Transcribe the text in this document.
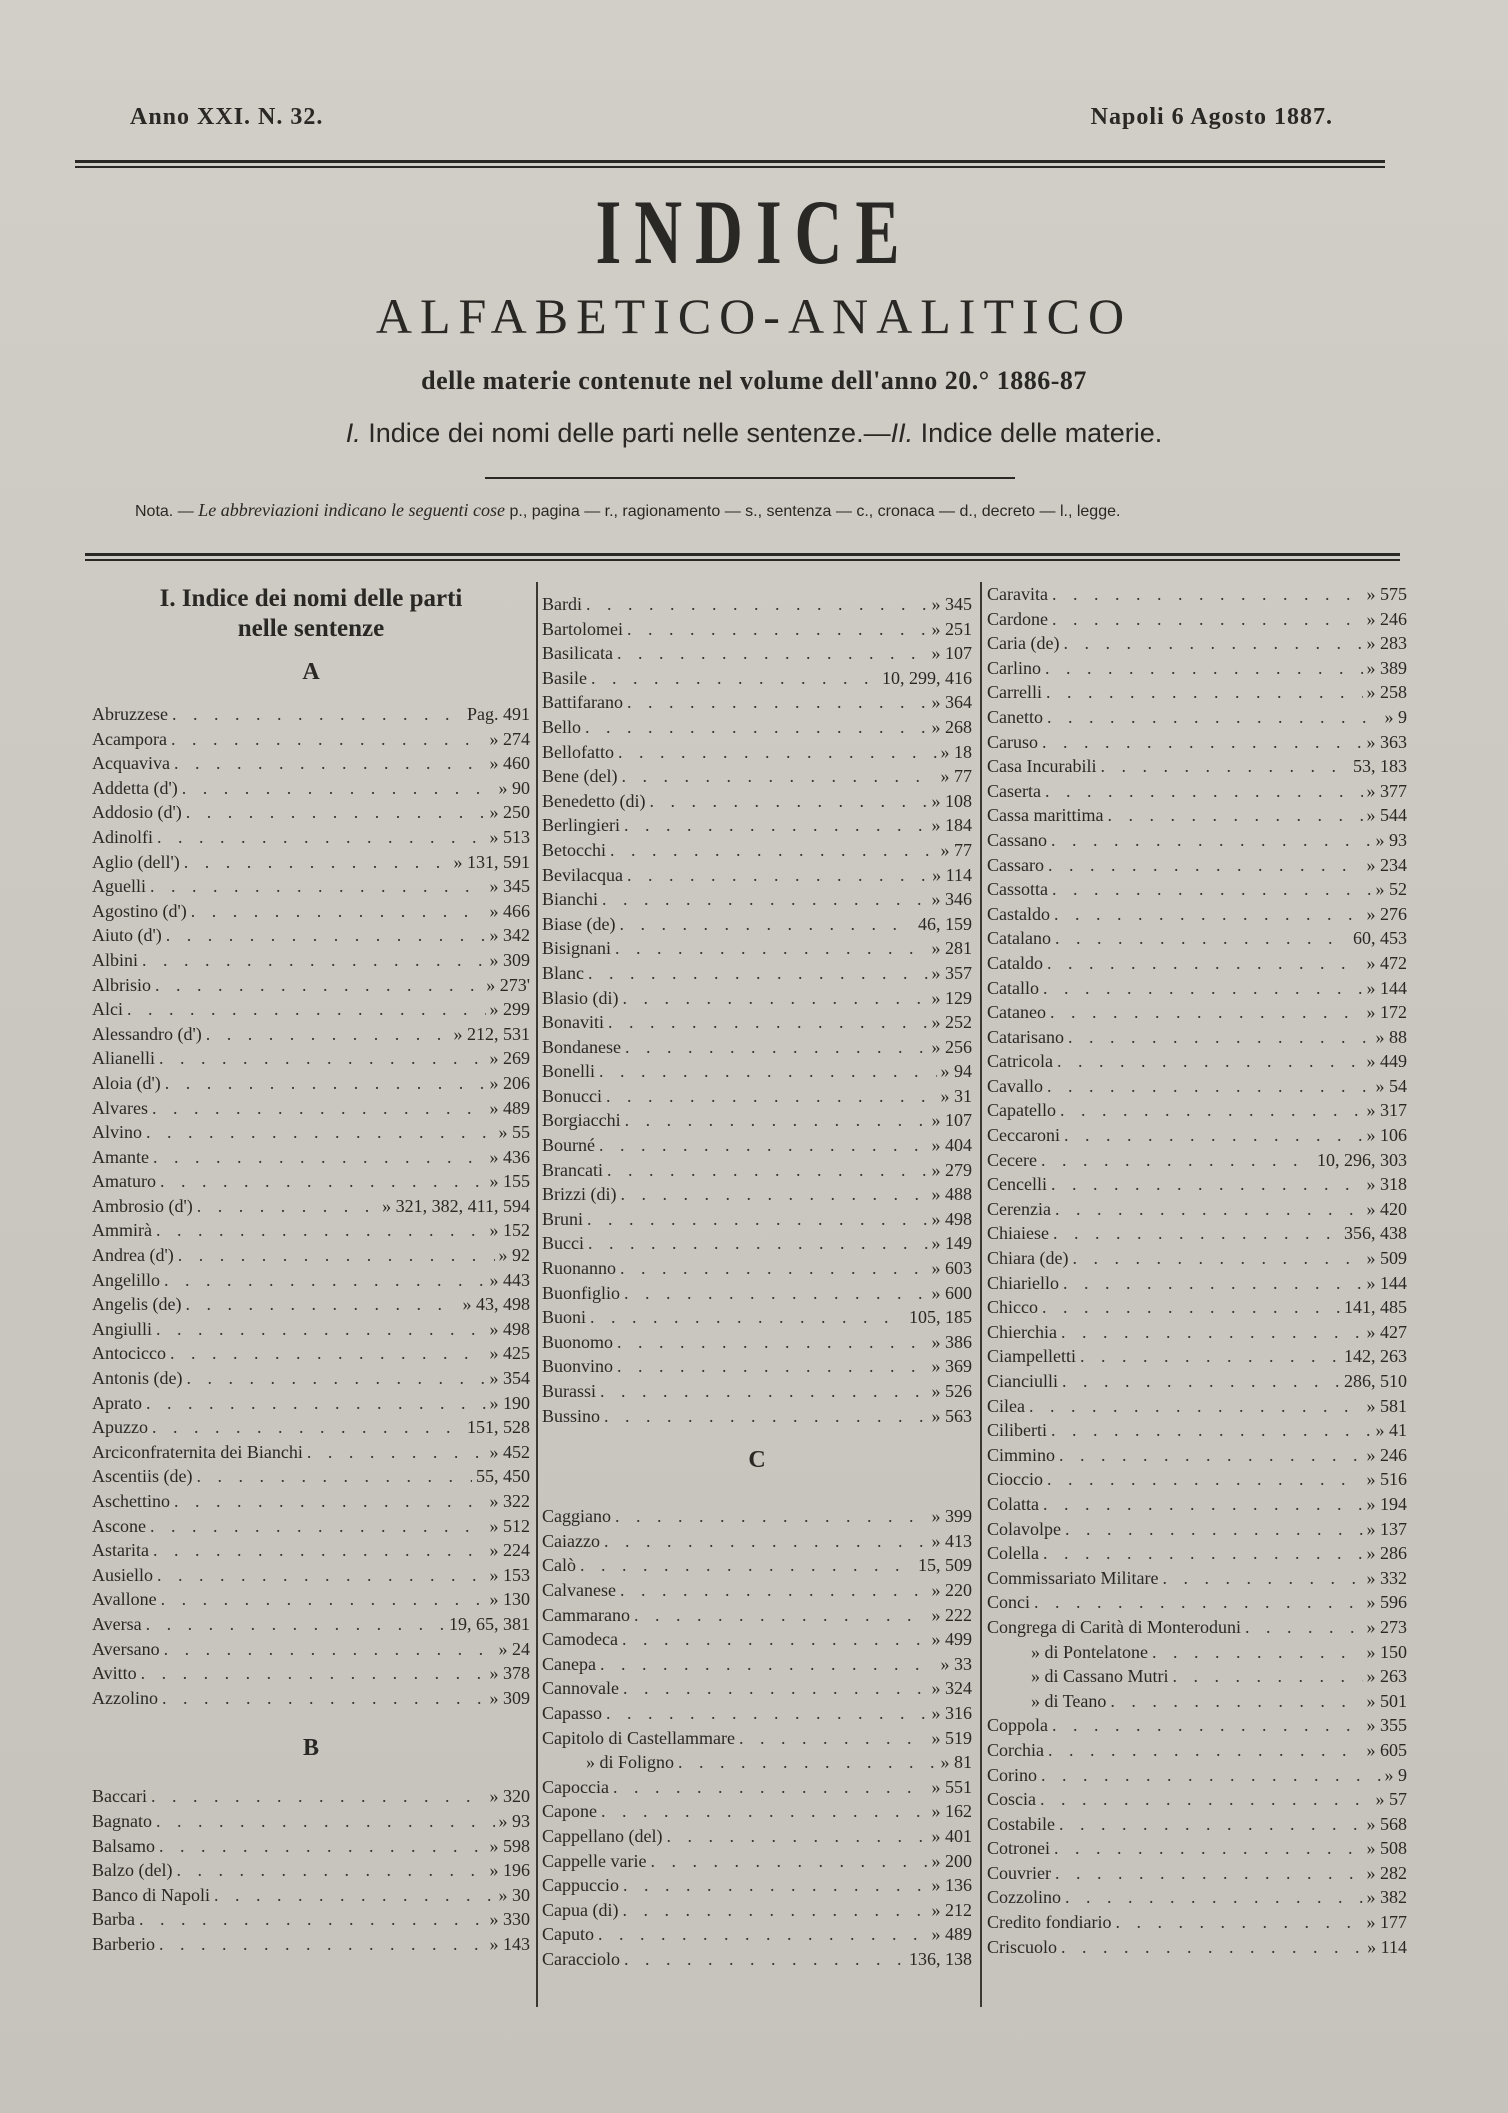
Anno XXI. N. 32.	Napoli 6 Agosto 1887.
INDICE
ALFABETICO-ANALITICO
delle materie contenute nel volume dell'anno 20.° 1886-87
I. Indice dei nomi delle parti nelle sentenze.—II. Indice delle materie.
Nota. — Le abbreviazioni indicano le seguenti cose p., pagina — r., ragionamento — s., sentenza — c., cronaca — d., decreto — l., legge.
I. Indice dei nomi delle parti
nelle sentenze
A
Abruzzese . . .	Pag. 491
Acampora . . .	» 274
Acquaviva . . .	» 460
Addetta (d') . . .	» 90
Addosio (d') . . .	» 250
Adinolfi . . .	» 513
Aglio (dell') . . .	» 131, 591
Aguelli . . .	» 345
Agostino (d') . . .	» 466
Aiuto (d') . . .	» 342
Albini . . .	» 309
Albrisio . . .	» 273'
Alci . . .	» 299
Alessandro (d') . . .	» 212, 531
Alianelli . . .	» 269
Aloia (d') . . .	» 206
Alvares . . .	» 489
Alvino . . .	» 55
Amante . . .	» 436
Amaturo . . .	» 155
Ambrosio (d') . . .	» 321, 382, 411, 594
Ammirà . . .	» 152
Andrea (d') . . .	» 92
Angelillo . . .	» 443
Angelis (de) . . .	» 43, 498
Angiulli . . .	» 498
Antocicco . . .	» 425
Antonis (de) . . .	» 354
Aprato . . .	» 190
Apuzzo . . .	151, 528
Arciconfraternita dei Bianchi . . .	» 452
Ascentiis (de) . . .	55, 450
Aschettino . . .	» 322
Ascone . . .	» 512
Astarita . . .	» 224
Ausiello . . .	» 153
Avallone . . .	» 130
Aversa . . .	19, 65, 381
Aversano . . .	» 24
Avitto . . .	» 378
Azzolino . . .	» 309
B
Baccari . . .	» 320
Bagnato . . .	» 93
Balsamo . . .	» 598
Balzo (del) . . .	» 196
Banco di Napoli . . .	» 30
Barba . . .	» 330
Barberio . . .	» 143
Bardi . . .	» 345
Bartolomei . . .	» 251
Basilicata . . .	» 107
Basile . . .	10, 299, 416
Battifarano . . .	» 364
Bello . . .	» 268
Bellofatto . . .	» 18
Bene (del) . . .	» 77
Benedetto (di) . . .	» 108
Berlingieri . . .	» 184
Betocchi . . .	» 77
Bevilacqua . . .	» 114
Bianchi . . .	» 346
Biase (de) . . .	46, 159
Bisignani . . .	» 281
Blanc . . .	» 357
Blasio (di) . . .	» 129
Bonaviti . . .	» 252
Bondanese . . .	» 256
Bonelli . . .	» 94
Bonucci . . .	» 31
Borgiacchi . . .	» 107
Bourné . . .	» 404
Brancati . . .	» 279
Brizzi (di) . . .	» 488
Bruni . . .	» 498
Bucci . . .	» 149
Ruonanno . . .	» 603
Buonfiglio . . .	» 600
Buoni . . .	105, 185
Buonomo . . .	» 386
Buonvino . . .	» 369
Burassi . . .	» 526
Bussino . . .	» 563
C
Caggiano . . .	» 399
Caiazzo . . .	» 413
Calò . . .	15, 509
Calvanese . . .	» 220
Cammarano . . .	» 222
Camodeca . . .	» 499
Canepa . . .	» 33
Cannovale . . .	» 324
Capasso . . .	» 316
Capitolo di Castellammare . . .	» 519
» di Foligno . . .	» 81
Capoccia . . .	» 551
Capone . . .	» 162
Cappellano (del) . . .	» 401
Cappelle varie . . .	» 200
Cappuccio . . .	» 136
Capua (di) . . .	» 212
Caputo . . .	» 489
Caracciolo . . .	136, 138
Caravita . . .	» 575
Cardone . . .	» 246
Caria (de) . . .	» 283
Carlino . . .	» 389
Carrelli . . .	» 258
Canetto . . .	» 9
Caruso . . .	» 363
Casa Incurabili . . .	53, 183
Caserta . . .	» 377
Cassa marittima . . .	» 544
Cassano . . .	» 93
Cassaro . . .	» 234
Cassotta . . .	» 52
Castaldo . . .	» 276
Catalano . . .	60, 453
Cataldo . . .	» 472
Catallo . . .	» 144
Cataneo . . .	» 172
Catarisano . . .	» 88
Catricola . . .	» 449
Cavallo . . .	» 54
Capatello . . .	» 317
Ceccaroni . . .	» 106
Cecere . . .	10, 296, 303
Cencelli . . .	» 318
Cerenzia . . .	» 420
Chiaiese . . .	356, 438
Chiara (de) . . .	» 509
Chiariello . . .	» 144
Chicco . . .	141, 485
Chierchia . . .	» 427
Ciampelletti . . .	142, 263
Cianciulli . . .	286, 510
Cilea . . .	» 581
Ciliberti . . .	» 41
Cimmino . . .	» 246
Cioccio . . .	» 516
Colatta . . .	» 194
Colavolpe . . .	» 137
Colella . . .	» 286
Commissariato Militare . . .	» 332
Conci . . .	» 596
Congrega di Carità di Monteroduni . . .	» 273
» di Pontelatone . . .	» 150
» di Cassano Mutri . . .	» 263
» di Teano . . .	» 501
Coppola . . .	» 355
Corchia . . .	» 605
Corino . . .	» 9
Coscia . . .	» 57
Costabile . . .	» 568
Cotronei . . .	» 508
Couvrier . . .	» 282
Cozzolino . . .	» 382
Credito fondiario . . .	» 177
Criscuolo . . .	» 114
